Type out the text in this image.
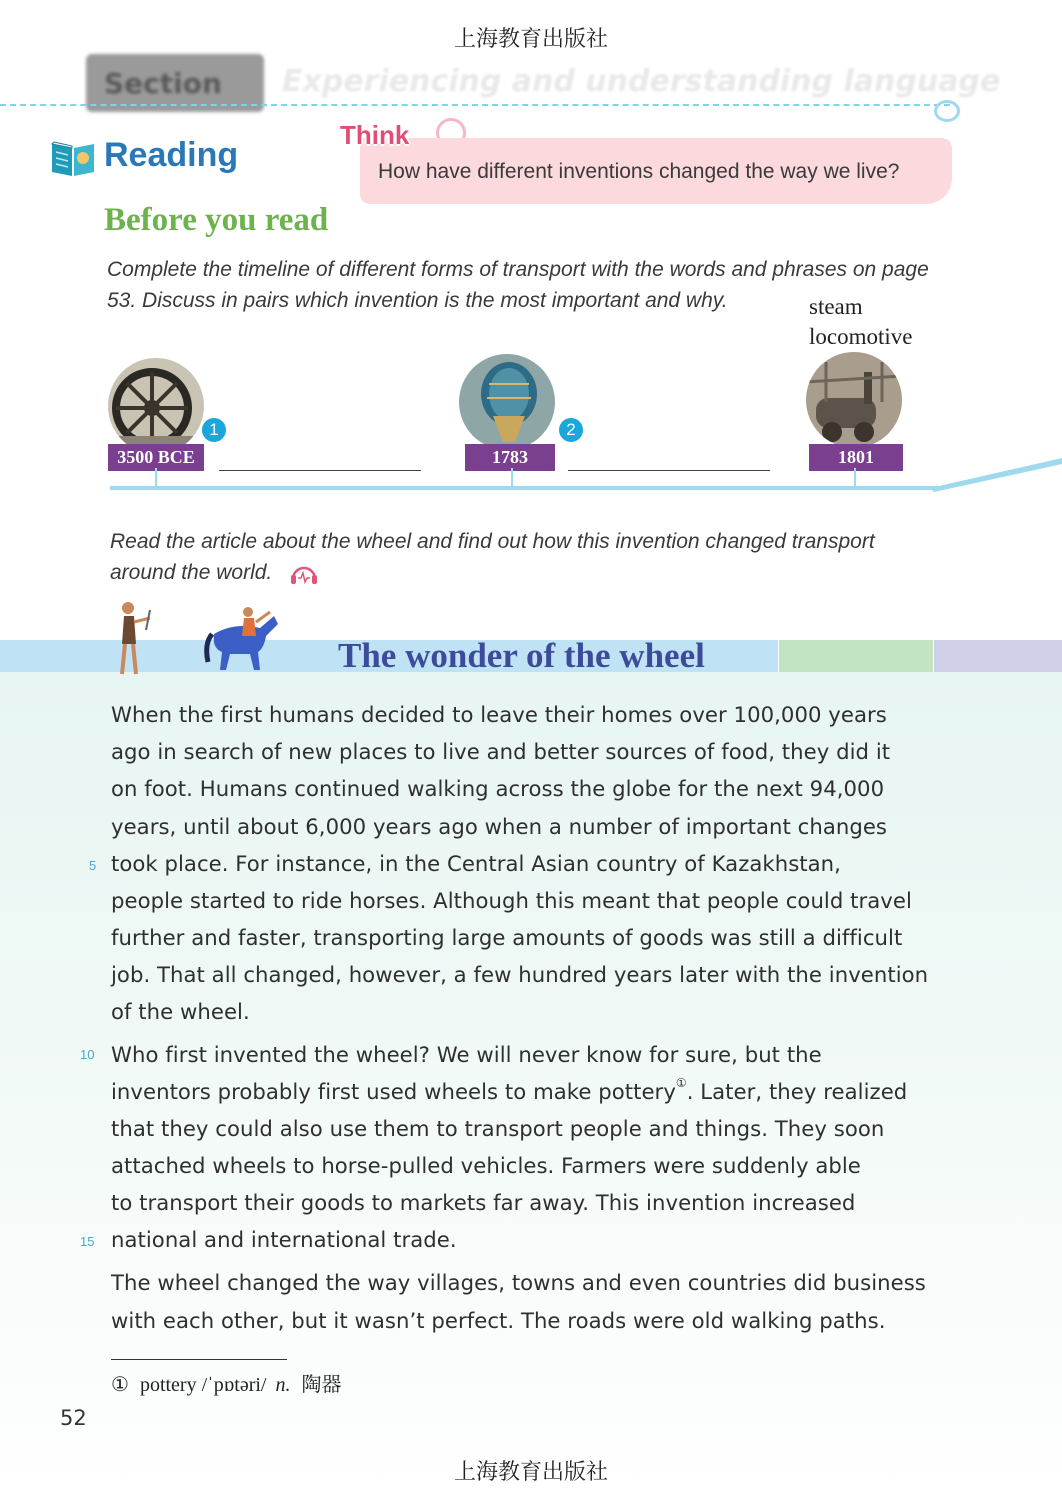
上海教育出版社
Section Experiencing and understanding language
Reading
Think
How have different inventions changed the way we live?
Before you read
Complete the timeline of different forms of transport with the words and phrases on page
53. Discuss in pairs which invention is the most important and why.	steam
locomotive
1
3500 BCE
2
1783	1801
Read the article about the wheel and find out how this invention changed transport
around the world.
The wonder of the wheel
When the first humans decided to leave their homes over 100,000 years
ago in search of new places to live and better sources of food, they did it
on foot. Humans continued walking across the globe for the next 94,000
years, until about 6,000 years ago when a number of important changes
5 took place. For instance, in the Central Asian country of Kazakhstan,
people started to ride horses. Although this meant that people could travel
further and faster, transporting large amounts of goods was still a difficult
job. That all changed, however, a few hundred years later with the invention
of the wheel.
10 Who first invented the wheel? We will never know for sure, but the
inventors probably first used wheels to make pottery①. Later, they realized
that they could also use them to transport people and things. They soon
attached wheels to horse-pulled vehicles. Farmers were suddenly able
to transport their goods to markets far away. This invention increased
15 national and international trade.
The wheel changed the way villages, towns and even countries did business
with each other, but it wasn’t perfect. The roads were old walking paths.
① pottery /ˈpɒtəri/ n. 陶器
52
上海教育出版社
